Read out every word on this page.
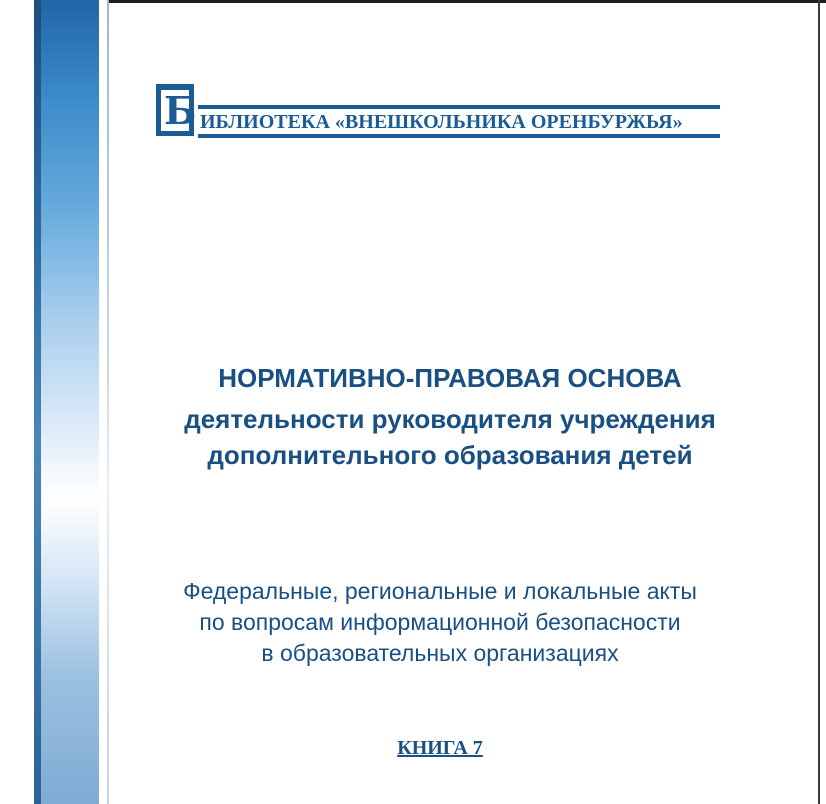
Б ИБЛИОТЕКА «ВНЕШКОЛЬНИКА ОРЕНБУРЖЬЯ»
НОРМАТИВНО-ПРАВОВАЯ ОСНОВА
деятельности руководителя учреждения
дополнительного образования детей
Федеральные, региональные и локальные акты
по вопросам информационной безопасности
в образовательных организациях
КНИГА 7
